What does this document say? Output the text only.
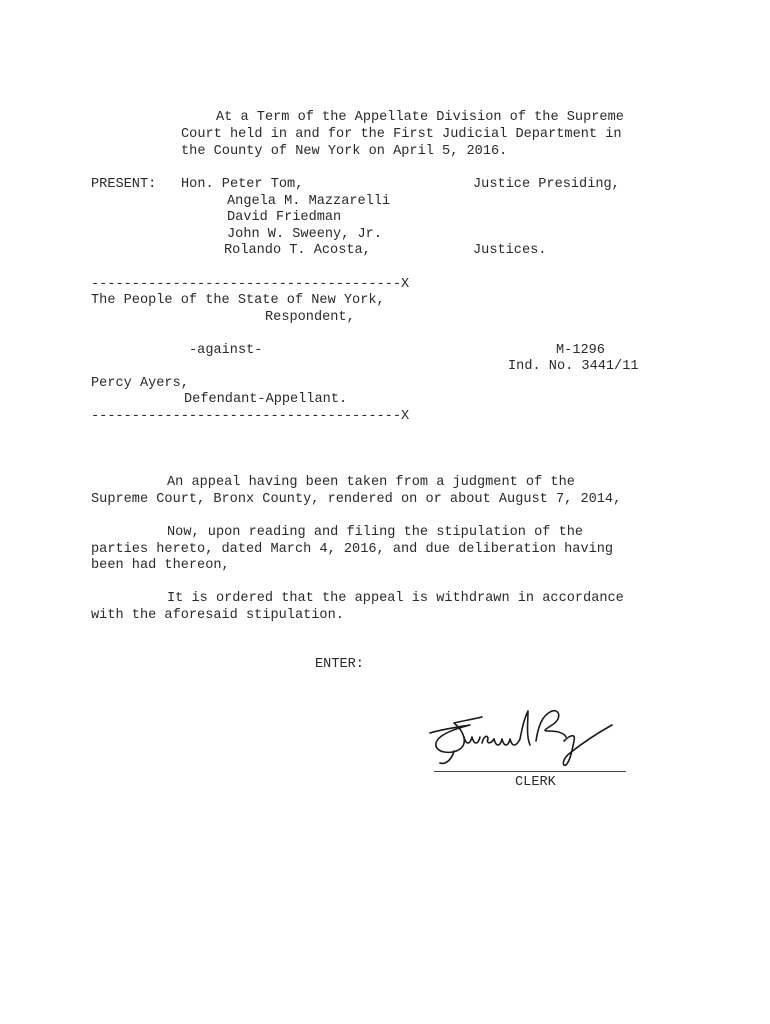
At a Term of the Appellate Division of the Supreme
Court held in and for the First Judicial Department in
the County of New York on April 5, 2016.
PRESENT: Hon. Peter Tom,
Angela M. Mazzarelli
David Friedman
John W. Sweeny, Jr.
Rolando T. Acosta,
Justice Presiding,
Justices.
--------------------------------------X
The People of the State of New York,
Respondent,
-against-	M-1296
Ind. No. 3441/11
Percy Ayers,
Defendant-Appellant.
--------------------------------------X
An appeal having been taken from a judgment of the
Supreme Court, Bronx County, rendered on or about August 7, 2014,
Now, upon reading and filing the stipulation of the
parties hereto, dated March 4, 2016, and due deliberation having
been had thereon,
It is ordered that the appeal is withdrawn in accordance
with the aforesaid stipulation.
ENTER:
CLERK
